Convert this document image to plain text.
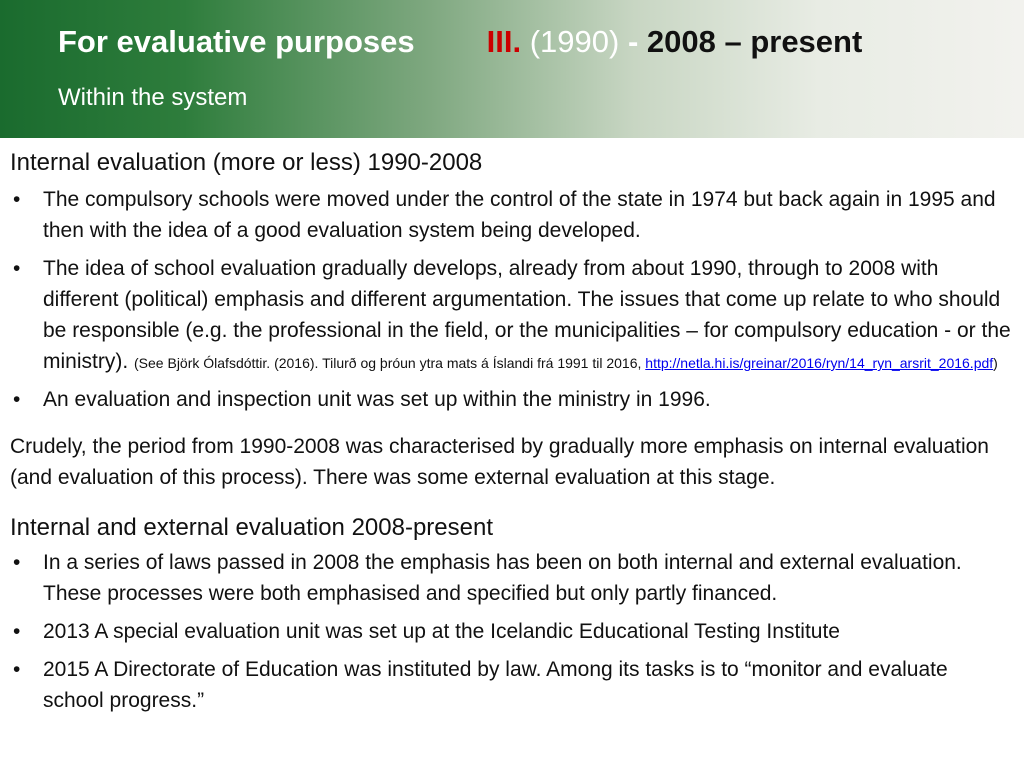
For evaluative purposes III. (1990) - 2008 – present
Within the system
Internal evaluation (more or less) 1990-2008
• The compulsory schools were moved under the control of the state in 1974 but back again in 1995 and then with the idea of a good evaluation system being developed.
• The idea of school evaluation gradually develops, already from about 1990, through to 2008 with different (political) emphasis and different argumentation. The issues that come up relate to who should be responsible (e.g. the professional in the field, or the municipalities – for compulsory education - or the ministry). (See Björk Ólafsdóttir. (2016). Tilurð og þróun ytra mats á Íslandi frá 1991 til 2016, http://netla.hi.is/greinar/2016/ryn/14_ryn_arsrit_2016.pdf)
• An evaluation and inspection unit was set up within the ministry in 1996.
Crudely, the period from 1990-2008 was characterised by gradually more emphasis on internal evaluation (and evaluation of this process). There was some external evaluation at this stage.
Internal and external evaluation 2008-present
• In a series of laws passed in 2008 the emphasis has been on both internal and external evaluation. These processes were both emphasised and specified but only partly financed.
• 2013 A special evaluation unit was set up at the Icelandic Educational Testing Institute
• 2015 A Directorate of Education was instituted by law. Among its tasks is to “monitor and evaluate school progress.”
